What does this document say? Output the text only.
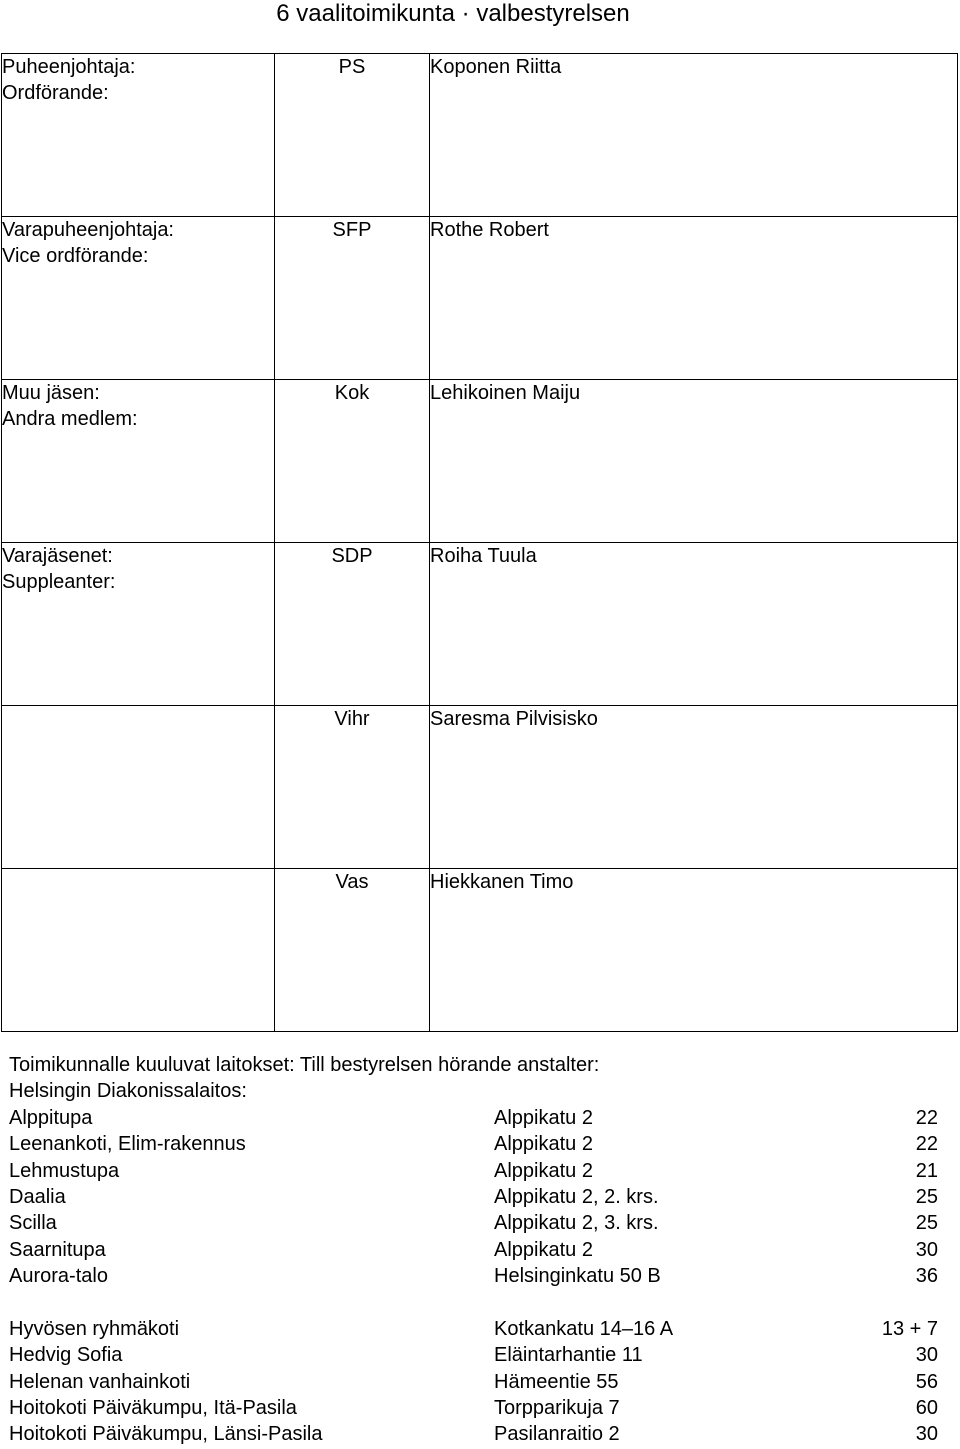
6 vaalitoimikunta · valbestyrelsen
Puheenjohtaja:
Ordförande:	PS	Koponen Riitta

Varapuheenjohtaja:
Vice ordförande:	SFP	Rothe Robert

Muu jäsen:
Andra medlem:	Kok	Lehikoinen Maiju

Varajäsenet:
Suppleanter:	SDP	Roiha Tuula
	Vihr	Saresma Pilvisisko
	Vas	Hiekkanen Timo
Toimikunnalle kuuluvat laitokset: Till bestyrelsen hörande anstalter:
Helsingin Diakonissalaitos:
Alppitupa	Alppikatu 2	22
Leenankoti, Elim-rakennus	Alppikatu 2	22
Lehmustupa	Alppikatu 2	21
Daalia	Alppikatu 2, 2. krs.	25
Scilla	Alppikatu 2, 3. krs.	25
Saarnitupa	Alppikatu 2	30
Aurora-talo	Helsinginkatu 50 B	36
Hyvösen ryhmäkoti	Kotkankatu 14–16 A	13 + 7
Hedvig Sofia	Eläintarhantie 11	30
Helenan vanhainkoti	Hämeentie 55	56
Hoitokoti Päiväkumpu, Itä-Pasila	Torpparikuja 7	60
Hoitokoti Päiväkumpu, Länsi-Pasila	Pasilanraitio 2	30
